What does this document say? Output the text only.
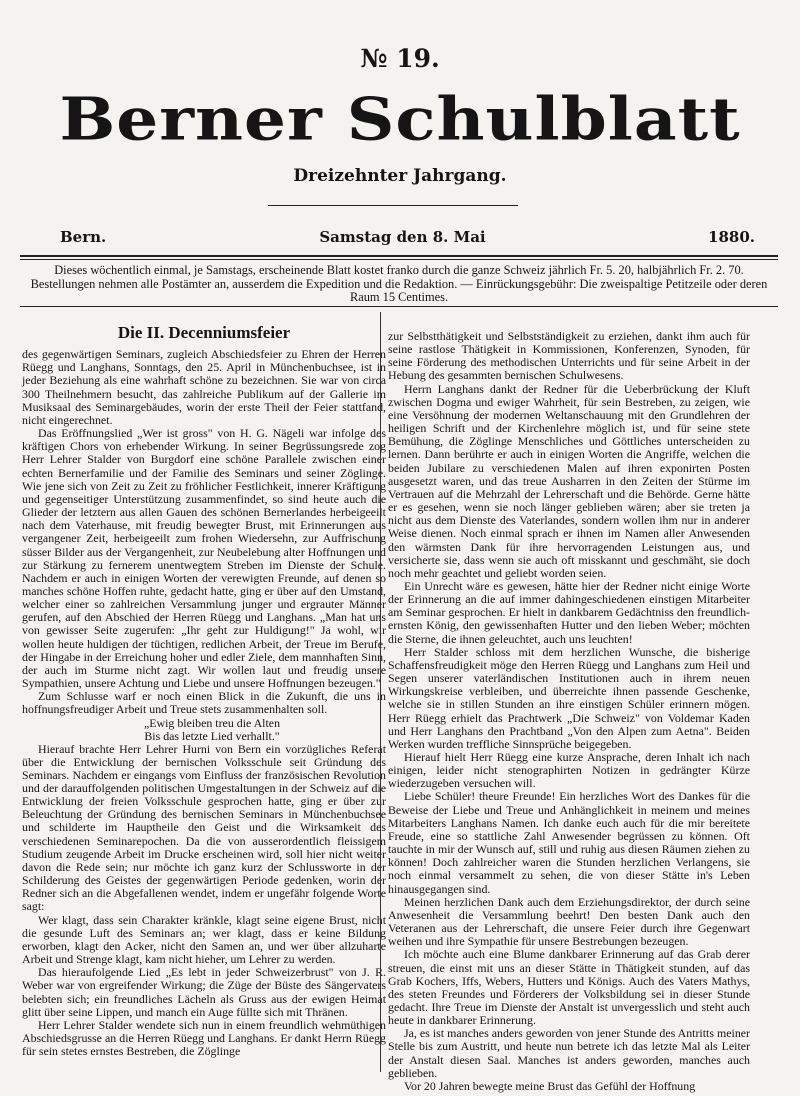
№ 19.
Berner Schulblatt
Dreizehnter Jahrgang.
Samstag den 8. Mai
Bern.	1880.
Dieses wöchentlich einmal, je Samstags, erscheinende Blatt kostet franko durch die ganze Schweiz jährlich Fr. 5. 20, halbjährlich Fr. 2. 70. Bestellungen nehmen alle Postämter an, ausserdem die Expedition und die Redaktion. — Einrückungsgebühr: Die zweispaltige Petitzeile oder deren Raum 15 Centimes.
Die II. Decenniumsfeier

des gegenwärtigen Seminars, zugleich Abschiedsfeier zu Ehren der Herren Rüegg und Langhans, Sonntags, den 25. April in Münchenbuchsee, ist in jeder Beziehung als eine wahrhaft schöne zu bezeichnen. Sie war von circa 300 Theilnehmern besucht, das zahlreiche Publikum auf der Gallerie im Musiksaal des Seminargebäudes, worin der erste Theil der Feier stattfand, nicht eingerechnet.

Das Eröffnungslied „Wer ist gross" von H. G. Nägeli war infolge des kräftigen Chors von erhebender Wirkung. In seiner Begrüssungsrede zog Herr Lehrer Stalder von Burgdorf eine schöne Parallele zwischen einer echten Bernerfamilie und der Familie des Seminars und seiner Zöglinge. Wie jene sich von Zeit zu Zeit zu fröhlicher Festlichkeit, innerer Kräftigung und gegenseitiger Unterstützung zusammenfindet, so sind heute auch die Glieder der letztern aus allen Gauen des schönen Bernerlandes herbeigeeilt nach dem Vaterhause, mit freudig bewegter Brust, mit Erinnerungen aus vergangener Zeit, herbeigeeilt zum frohen Wiedersehn, zur Auffrischung süsser Bilder aus der Vergangenheit, zur Neubelebung alter Hoffnungen und zur Stärkung zu fernerem unentwegtem Streben im Dienste der Schule. Nachdem er auch in einigen Worten der verewigten Freunde, auf denen so manches schöne Hoffen ruhte, gedacht hatte, ging er über auf den Umstand, welcher einer so zahlreichen Versammlung junger und ergrauter Männer gerufen, auf den Abschied der Herren Rüegg und Langhans. „Man hat uns von gewisser Seite zugerufen: „Ihr geht zur Huldigung!" Ja wohl, wir wollen heute huldigen der tüchtigen, redlichen Arbeit, der Treue im Berufe, der Hingabe in der Erreichung hoher und edler Ziele, dem mannhaften Sinn, der auch im Sturme nicht zagt. Wir wollen laut und freudig unsere Sympathien, unsere Achtung und Liebe und unsere Hoffnungen bezeugen."

Zum Schlusse warf er noch einen Blick in die Zukunft, die uns in hoffnungsfreudiger Arbeit und Treue stets zusammenhalten soll.

„Ewig bleiben treu die Alten

Bis das letzte Lied verhallt."

Hierauf brachte Herr Lehrer Hurni von Bern ein vorzügliches Referat über die Entwicklung der bernischen Volksschule seit Gründung des Seminars. Nachdem er eingangs vom Einfluss der französischen Revolution und der darauffolgenden politischen Umgestaltungen in der Schweiz auf die Entwicklung der freien Volksschule gesprochen hatte, ging er über zur Beleuchtung der Gründung des bernischen Seminars in Münchenbuchsee und schilderte im Hauptheile den Geist und die Wirksamkeit des verschiedenen Seminarepochen. Da die von ausserordentlich fleissigem Studium zeugende Arbeit im Drucke erscheinen wird, soll hier nicht weiter davon die Rede sein; nur möchte ich ganz kurz der Schlussworte in der Schilderung des Geistes der gegenwärtigen Periode gedenken, worin der Redner sich an die Abgefallenen wendet, indem er ungefähr folgende Worte sagt:

Wer klagt, dass sein Charakter kränkle, klagt seine eigene Brust, nicht die gesunde Luft des Seminars an; wer klagt, dass er keine Bildung erworben, klagt den Acker, nicht den Samen an, und wer über allzuharte Arbeit und Strenge klagt, kam nicht hieher, um Lehrer zu werden.

Das hieraufolgende Lied „Es lebt in jeder Schweizerbrust" von J. R. Weber war von ergreifender Wirkung; die Züge der Büste des Sängervaters belebten sich; ein freundliches Lächeln als Gruss aus der ewigen Heimat glitt über seine Lippen, und manch ein Auge füllte sich mit Thränen.

Herr Lehrer Stalder wendete sich nun in einem freundlich wehmüthigen Abschiedsgrusse an die Herren Rüegg und Langhans. Er dankt Herrn Rüegg für sein stetes ernstes Bestreben, die Zöglinge

zur Selbstthätigkeit und Selbstständigkeit zu erziehen, dankt ihm auch für seine rastlose Thätigkeit in Kommissionen, Konferenzen, Synoden, für seine Förderung des methodischen Unterrichts und für seine Arbeit in der Hebung des gesammten bernischen Schulwesens.

Herrn Langhans dankt der Redner für die Ueberbrückung der Kluft zwischen Dogma und ewiger Wahrheit, für sein Bestreben, zu zeigen, wie eine Versöhnung der modernen Weltanschauung mit den Grundlehren der heiligen Schrift und der Kirchenlehre möglich ist, und für seine stete Bemühung, die Zöglinge Menschliches und Göttliches unterscheiden zu lernen. Dann berührte er auch in einigen Worten die Angriffe, welchen die beiden Jubilare zu verschiedenen Malen auf ihren exponirten Posten ausgesetzt waren, und das treue Ausharren in den Zeiten der Stürme im Vertrauen auf die Mehrzahl der Lehrerschaft und die Behörde. Gerne hätte er es gesehen, wenn sie noch länger geblieben wären; aber sie treten ja nicht aus dem Dienste des Vaterlandes, sondern wollen ihm nur in anderer Weise dienen. Noch einmal sprach er ihnen im Namen aller Anwesenden den wärmsten Dank für ihre hervorragenden Leistungen aus, und versicherte sie, dass wenn sie auch oft misskannt und geschmäht, sie doch noch mehr geachtet und geliebt worden seien.

Ein Unrecht wäre es gewesen, hätte hier der Redner nicht einige Worte der Erinnerung an die auf immer dahingeschiedenen einstigen Mitarbeiter am Seminar gesprochen. Er hielt in dankbarem Gedächtniss den freundlich-ernsten König, den gewissenhaften Hutter und den lieben Weber; möchten die Sterne, die ihnen geleuchtet, auch uns leuchten!

Herr Stalder schloss mit dem herzlichen Wunsche, die bisherige Schaffensfreudigkeit möge den Herren Rüegg und Langhans zum Heil und Segen unserer vaterländischen Institutionen auch in ihrem neuen Wirkungskreise verbleiben, und überreichte ihnen passende Geschenke, welche sie in stillen Stunden an ihre einstigen Schüler erinnern mögen. Herr Rüegg erhielt das Prachtwerk „Die Schweiz" von Voldemar Kaden und Herr Langhans den Prachtband „Von den Alpen zum Aetna". Beiden Werken wurden treffliche Sinnsprüche beigegeben.

Hierauf hielt Herr Rüegg eine kurze Ansprache, deren Inhalt ich nach einigen, leider nicht stenographirten Notizen in gedrängter Kürze wiederzugeben versuchen will.

Liebe Schüler! theure Freunde! Ein herzliches Wort des Dankes für die Beweise der Liebe und Treue und Anhänglichkeit in meinem und meines Mitarbeiters Langhans Namen. Ich danke euch auch für die mir bereitete Freude, eine so stattliche Zahl Anwesender begrüssen zu können. Oft tauchte in mir der Wunsch auf, still und ruhig aus diesen Räumen ziehen zu können! Doch zahlreicher waren die Stunden herzlichen Verlangens, sie noch einmal versammelt zu sehen, die von dieser Stätte in's Leben hinausgegangen sind.

Meinen herzlichen Dank auch dem Erziehungsdirektor, der durch seine Anwesenheit die Versammlung beehrt! Den besten Dank auch den Veteranen aus der Lehrerschaft, die unsere Feier durch ihre Gegenwart weihen und ihre Sympathie für unsere Bestrebungen bezeugen.

Ich möchte auch eine Blume dankbarer Erinnerung auf das Grab derer streuen, die einst mit uns an dieser Stätte in Thätigkeit stunden, auf das Grab Kochers, Iffs, Webers, Hutters und Königs. Auch des Vaters Mathys, des steten Freundes und Förderers der Volksbildung sei in dieser Stunde gedacht. Ihre Treue im Dienste der Anstalt ist unvergesslich und steht auch heute in dankbarer Erinnerung.

Ja, es ist manches anders geworden von jener Stunde des Antritts meiner Stelle bis zum Austritt, und heute nun betrete ich das letzte Mal als Leiter der Anstalt diesen Saal. Manches ist anders geworden, manches auch geblieben.

Vor 20 Jahren bewegte meine Brust das Gefühl der Hoffnung
